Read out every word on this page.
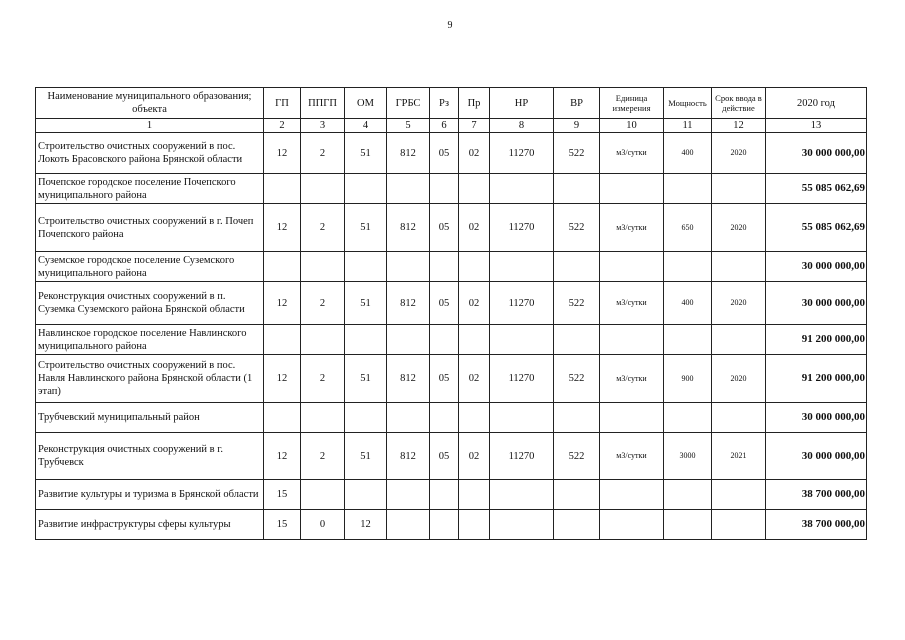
9
Наименование муниципального образования; объекта	ГП	ППГП	ОМ	ГРБС	Рз	Пр	НР	ВР	Единица измерения	Мощность	Срок ввода в действие	2020 год
1	2	3	4	5	6	7	8	9	10	11	12	13
Строительство очистных сооружений в пос. Локоть Брасовского района Брянской области	12	2	51	812	05	02	11270	522	м3/сутки	400	2020	30 000 000,00
Почепское городское поселение Почепского муниципального района												55 085 062,69
Строительство очистных сооружений в г. Почеп Почепского района	12	2	51	812	05	02	11270	522	м3/сутки	650	2020	55 085 062,69
Суземское городское поселение Суземского муниципального района												30 000 000,00
Реконструкция очистных сооружений в п. Суземка Суземского района Брянской области	12	2	51	812	05	02	11270	522	м3/сутки	400	2020	30 000 000,00
Навлинское городское поселение Навлинского муниципального района												91 200 000,00
Строительство очистных сооружений в пос. Навля Навлинского района Брянской области (1 этап)	12	2	51	812	05	02	11270	522	м3/сутки	900	2020	91 200 000,00
Трубчевский муниципальный район												30 000 000,00
Реконструкция очистных сооружений в г. Трубчевск	12	2	51	812	05	02	11270	522	м3/сутки	3000	2021	30 000 000,00
Развитие культуры и туризма в Брянской области	15											38 700 000,00
Развитие инфраструктуры сферы культуры	15	0	12									38 700 000,00
